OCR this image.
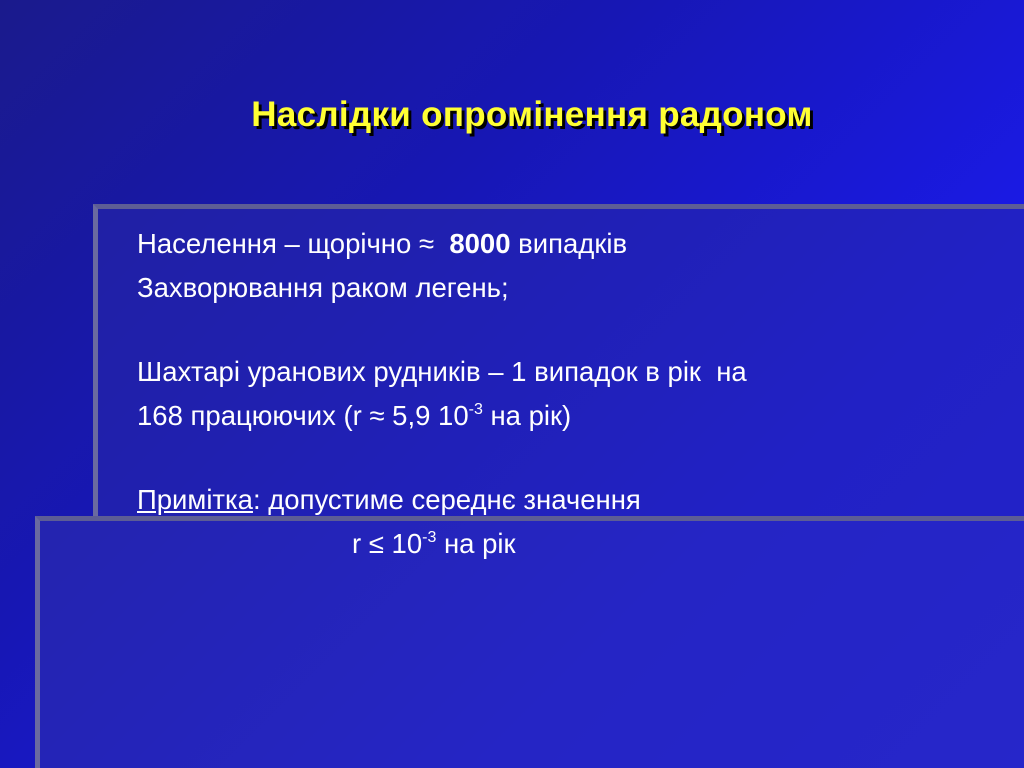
Наслідки опромінення радоном
Населення – щорічно ≈  8000 випадків
Захворювання раком легень;
Шахтарі уранових рудників – 1 випадок в рік  на
168 працюючих (r ≈ 5,9 $10^{-3}$ на рік)
Примітка: допустиме середнє значення
$r \le 10^{-3}$ на рік
